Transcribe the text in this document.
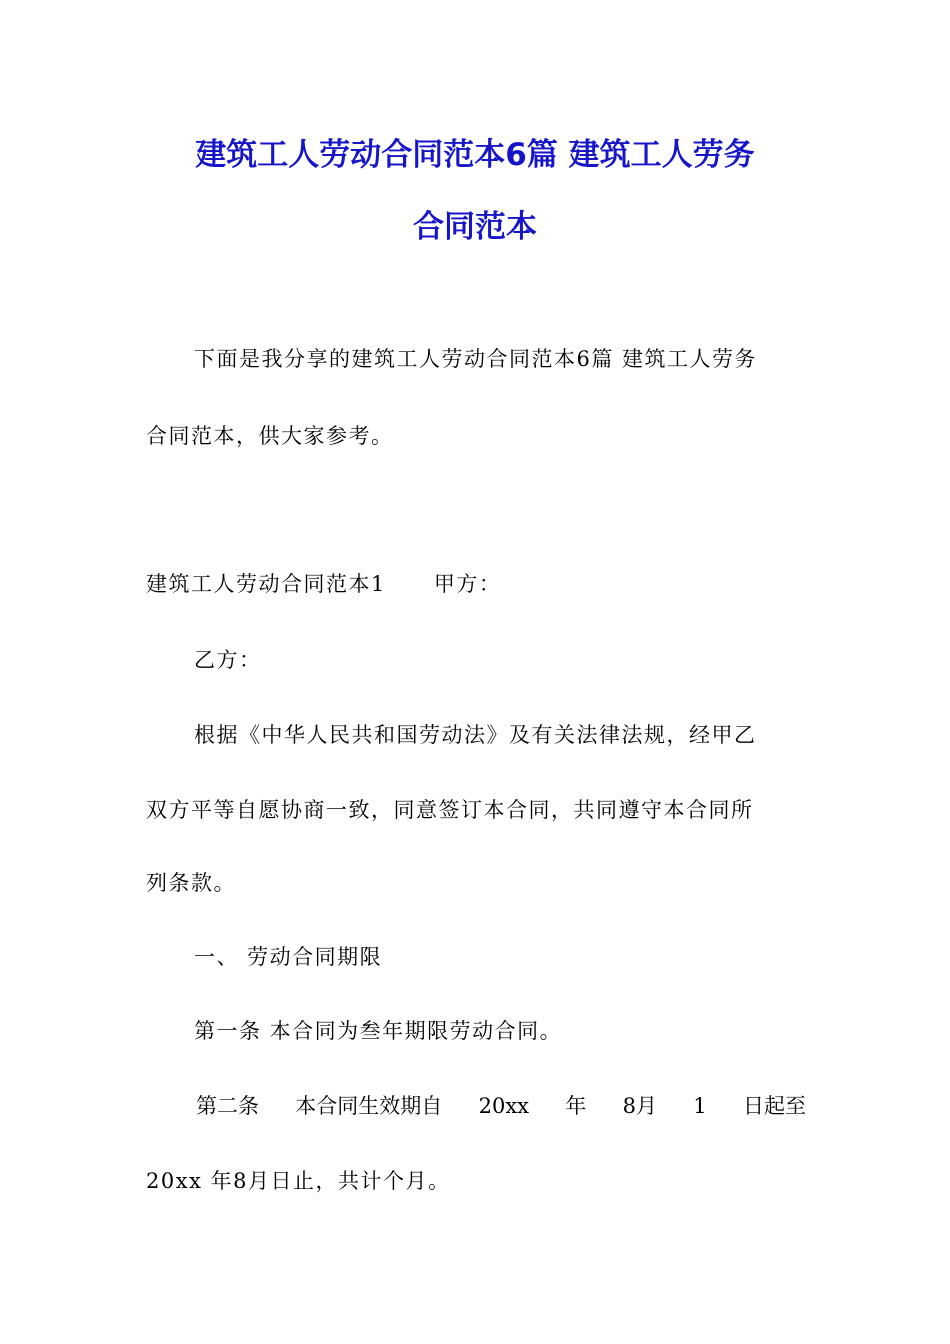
建筑工人劳动合同范本6篇 建筑工人劳务
合同范本
下面是我分享的建筑工人劳动合同范本6篇 建筑工人劳务
合同范本，供大家参考。
建筑工人劳动合同范本1 甲方：
乙方：
根据《中华人民共和国劳动法》及有关法律法规，经甲乙
双方平等自愿协商一致，同意签订本合同，共同遵守本合同所
列条款。
一、 劳动合同期限
第一条 本合同为叁年期限劳动合同。
第二条 本合同生效期自 20xx 年 8月 1 日起至
20xx 年8月日止，共计个月。
